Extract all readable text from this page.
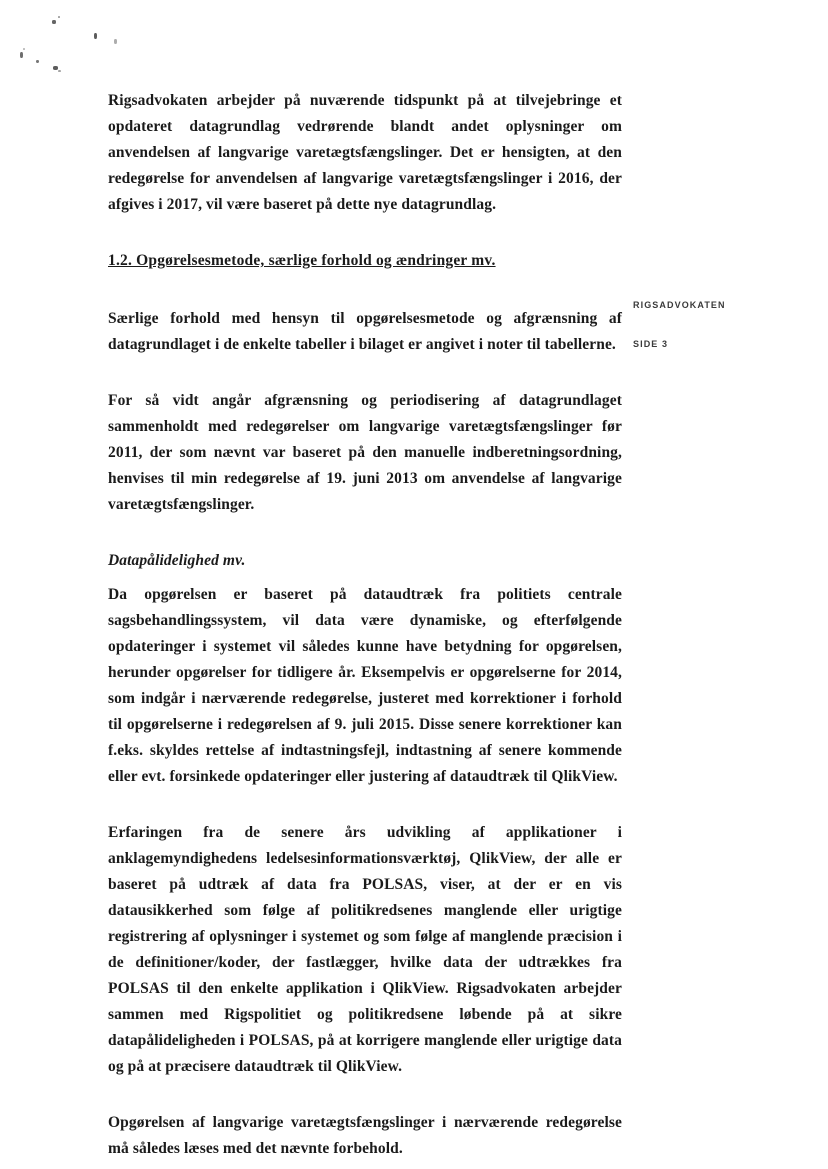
RIGSADVOKATEN
SIDE 3

Rigsadvokaten arbejder på nuværende tidspunkt på at tilvejebringe et opdateret datagrundlag vedrørende blandt andet oplysninger om anvendelsen af langvarige varetægtsfængslinger. Det er hensigten, at den redegørelse for anvendelsen af langvarige varetægtsfængslinger i 2016, der afgives i 2017, vil være baseret på dette nye datagrundlag.

1.2. Opgørelsesmetode, særlige forhold og ændringer mv.

Særlige forhold med hensyn til opgørelsesmetode og afgrænsning af datagrundlaget i de enkelte tabeller i bilaget er angivet i noter til tabellerne.

For så vidt angår afgrænsning og periodisering af datagrundlaget sammenholdt med redegørelser om langvarige varetægtsfængslinger før 2011, der som nævnt var baseret på den manuelle indberetningsordning, henvises til min redegørelse af 19. juni 2013 om anvendelse af langvarige varetægtsfængslinger.

Datapålidelighed mv.

Da opgørelsen er baseret på dataudtræk fra politiets centrale sagsbehandlingssystem, vil data være dynamiske, og efterfølgende opdateringer i systemet vil således kunne have betydning for opgørelsen, herunder opgørelser for tidligere år. Eksempelvis er opgørelserne for 2014, som indgår i nærværende redegørelse, justeret med korrektioner i forhold til opgørelserne i redegørelsen af 9. juli 2015. Disse senere korrektioner kan f.eks. skyldes rettelse af indtastningsfejl, indtastning af senere kommende eller evt. forsinkede opdateringer eller justering af dataudtræk til QlikView.

Erfaringen fra de senere års udvikling af applikationer i anklagemyndighedens ledelsesinformationsværktøj, QlikView, der alle er baseret på udtræk af data fra POLSAS, viser, at der er en vis datausikkerhed som følge af politikredsenes manglende eller urigtige registrering af oplysninger i systemet og som følge af manglende præcision i de definitioner/koder, der fastlægger, hvilke data der udtrækkes fra POLSAS til den enkelte applikation i QlikView. Rigsadvokaten arbejder sammen med Rigspolitiet og politikredsene løbende på at sikre datapålideligheden i POLSAS, på at korrigere manglende eller urigtige data og på at præcisere dataudtræk til QlikView.

Opgørelsen af langvarige varetægtsfængslinger i nærværende redegørelse må således læses med det nævnte forbehold.
